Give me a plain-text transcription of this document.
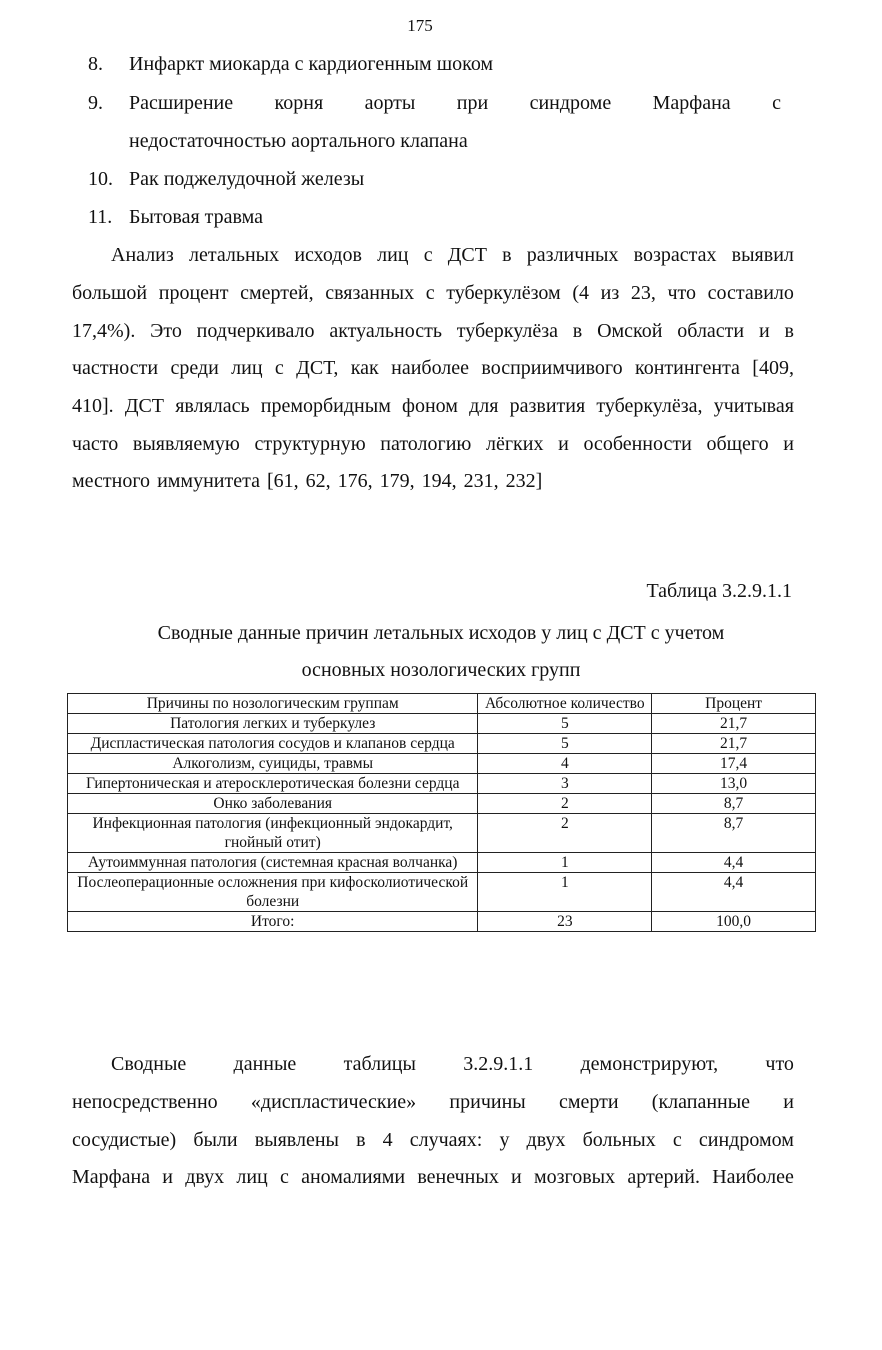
175
8. Инфаркт миокарда с кардиогенным шоком
9. Расширение корня аорты при синдроме Марфана с
недостаточностью аортального клапана
10. Рак поджелудочной железы
11. Бытовая травма
Анализ летальных исходов лиц с ДСТ в различных возрастах выявил
большой процент смертей, связанных с туберкулёзом (4 из 23, что составило
17,4%). Это подчеркивало актуальность туберкулёза в Омской области и в
частности среди лиц с ДСТ, как наиболее восприимчивого контингента [409,
410]. ДСТ являлась преморбидным фоном для развития туберкулёза, учитывая
часто выявляемую структурную патологию лёгких и особенности общего и
местного иммунитета [61, 62, 176, 179, 194, 231, 232]
Таблица 3.2.9.1.1
Сводные данные причин летальных исходов у лиц с ДСТ с учетом
основных нозологических групп
Причины по нозологическим группам	Абсолютное количество	Процент
Патология легких и туберкулез	5	21,7
Диспластическая патология сосудов и клапанов сердца	5	21,7
Алкоголизм, суициды, травмы	4	17,4
Гипертоническая и атеросклеротическая болезни сердца	3	13,0
Онко заболевания	2	8,7
Инфекционная патология (инфекционный эндокардит, гнойный отит)	2	8,7
Аутоиммунная патология (системная красная волчанка)	1	4,4
Послеоперационные осложнения при кифосколиотической болезни	1	4,4
Итого:	23	100,0
Сводные данные таблицы 3.2.9.1.1 демонстрируют, что
непосредственно «диспластические» причины смерти (клапанные и
сосудистые) были выявлены в 4 случаях: у двух больных с синдромом
Марфана и двух лиц с аномалиями венечных и мозговых артерий. Наиболее
